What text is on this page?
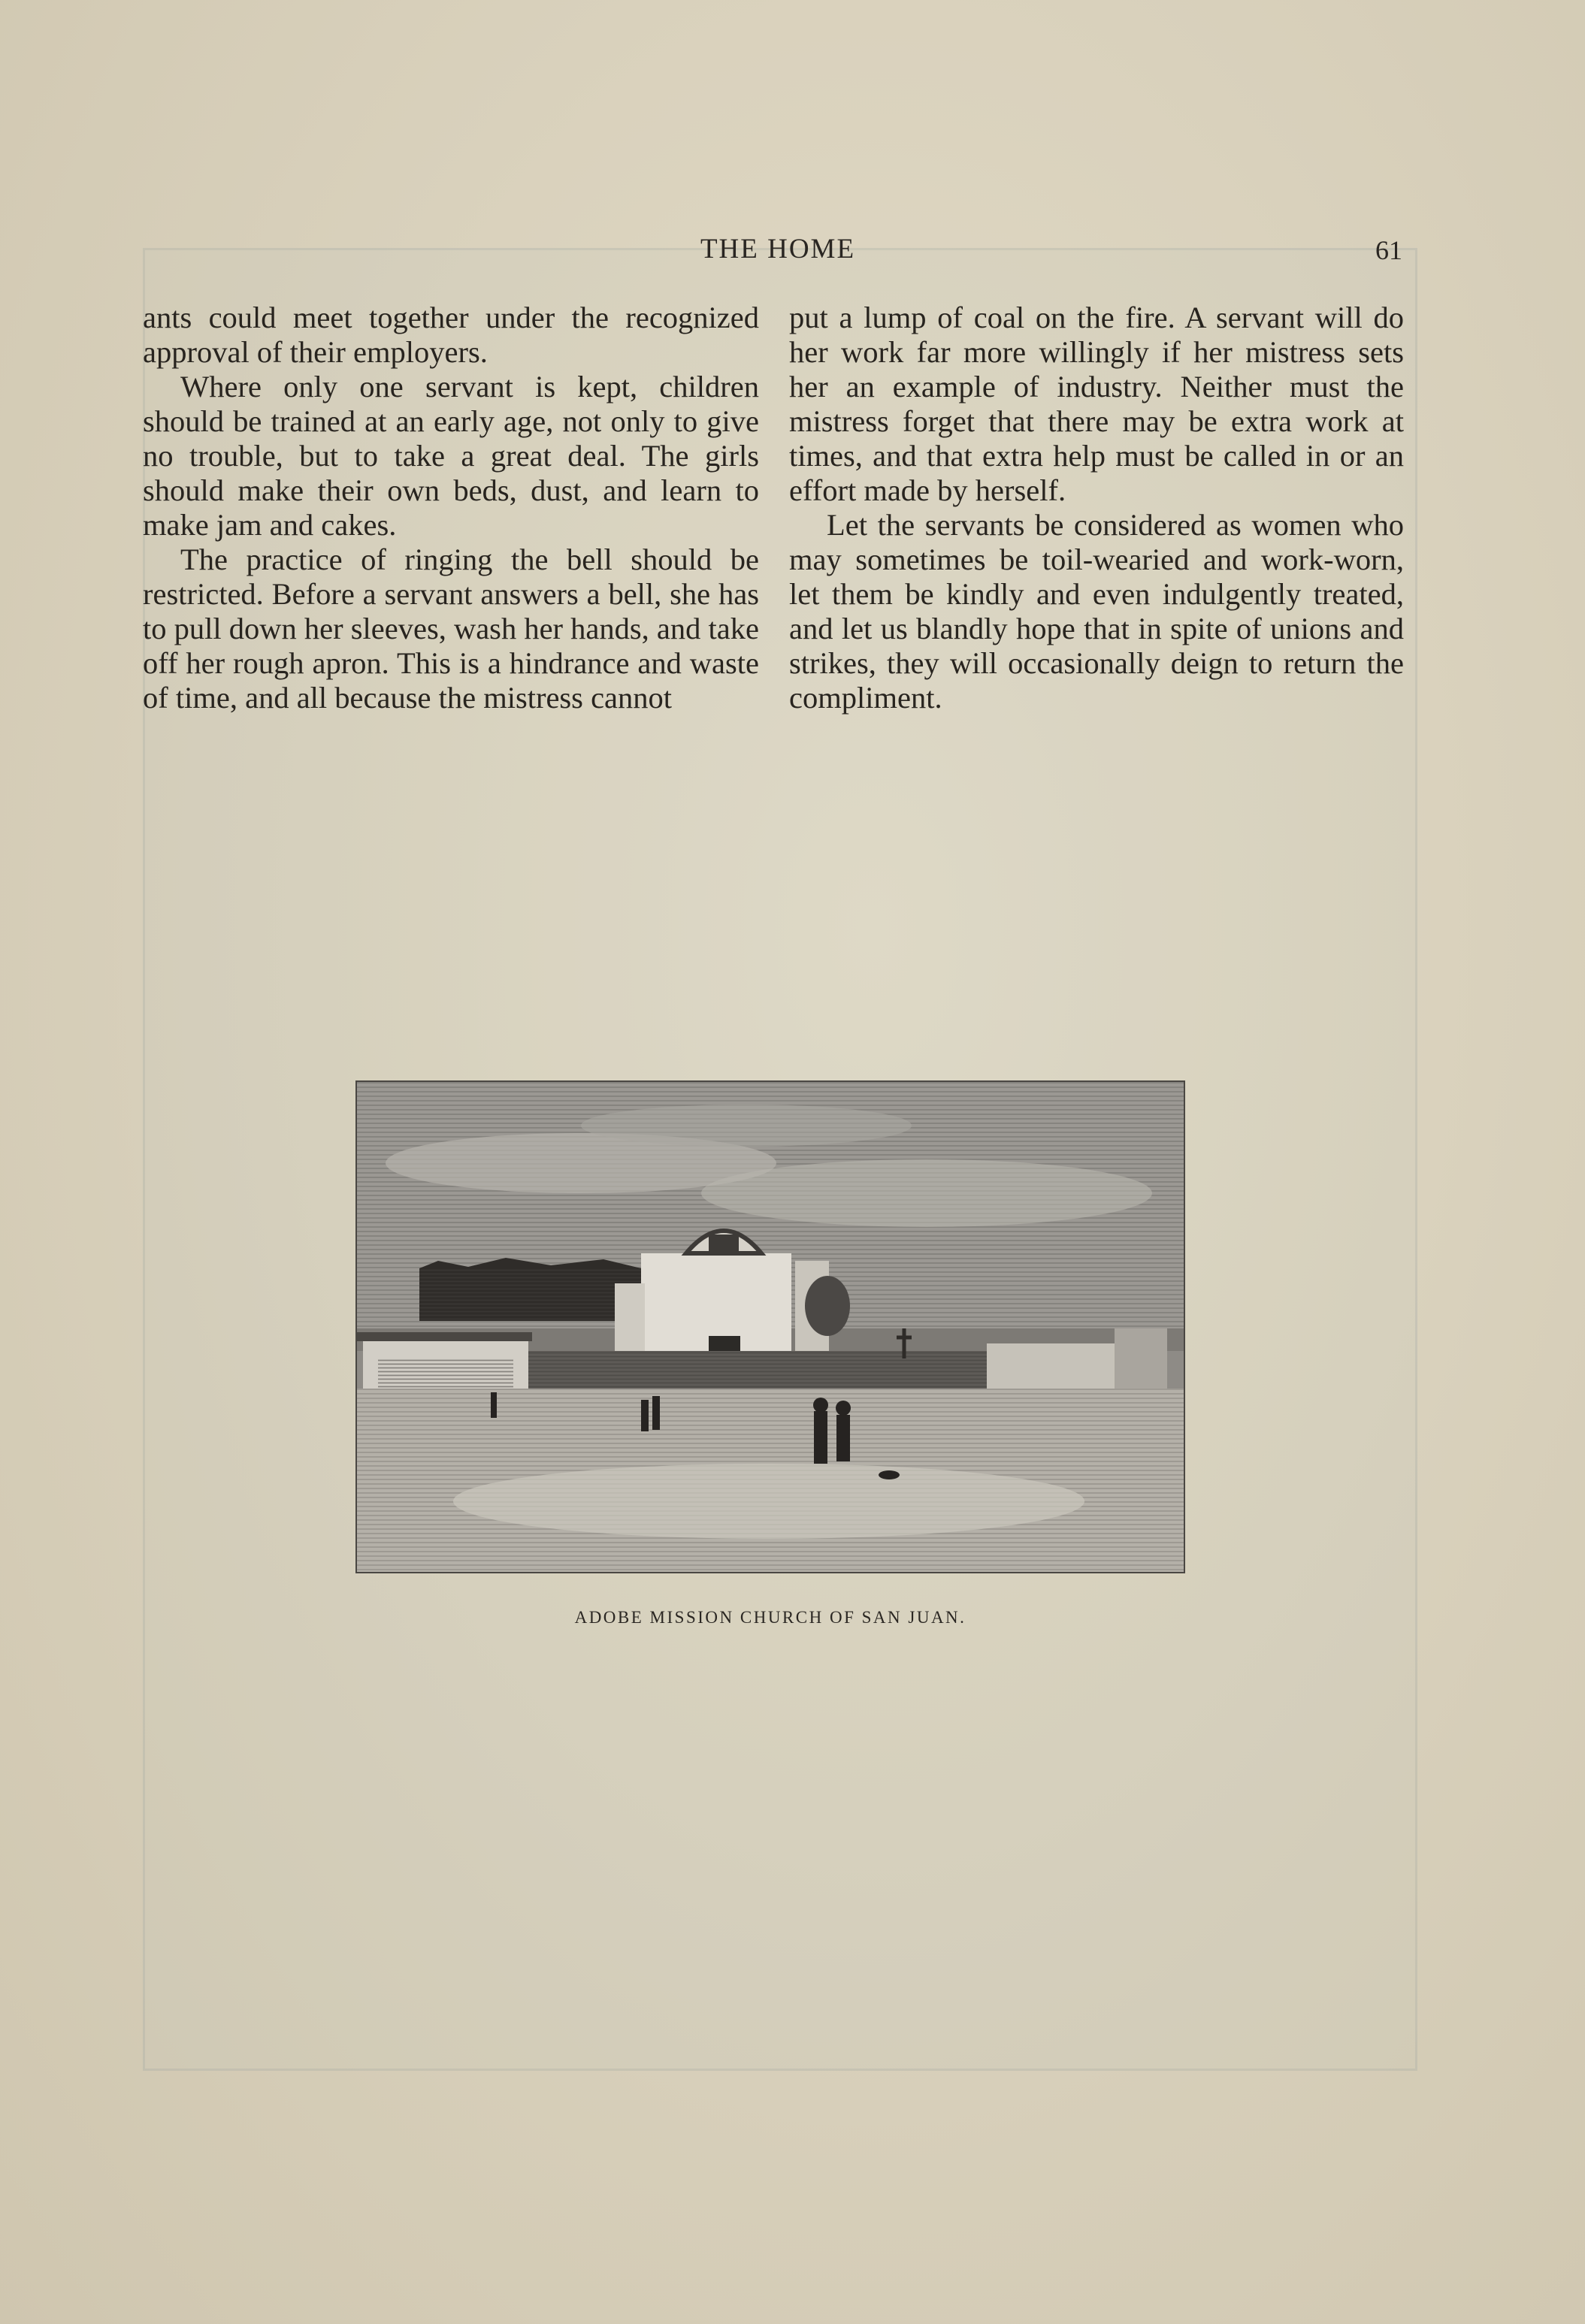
THE HOME	61

ants could meet together under the recognized approval of their employers.

Where only one servant is kept, children should be trained at an early age, not only to give no trouble, but to take a great deal. The girls should make their own beds, dust, and learn to make jam and cakes.

The practice of ringing the bell should be restricted. Before a servant answers a bell, she has to pull down her sleeves, wash her hands, and take off her rough apron. This is a hindrance and waste of time, and all because the mistress cannot

put a lump of coal on the fire. A servant will do her work far more willingly if her mistress sets her an example of industry. Neither must the mistress forget that there may be extra work at times, and that extra help must be called in or an effort made by herself.

Let the servants be considered as women who may sometimes be toil-wearied and work-worn, let them be kindly and even indulgently treated, and let us blandly hope that in spite of unions and strikes, they will occasionally deign to return the compliment.

ADOBE MISSION CHURCH OF SAN JUAN.
